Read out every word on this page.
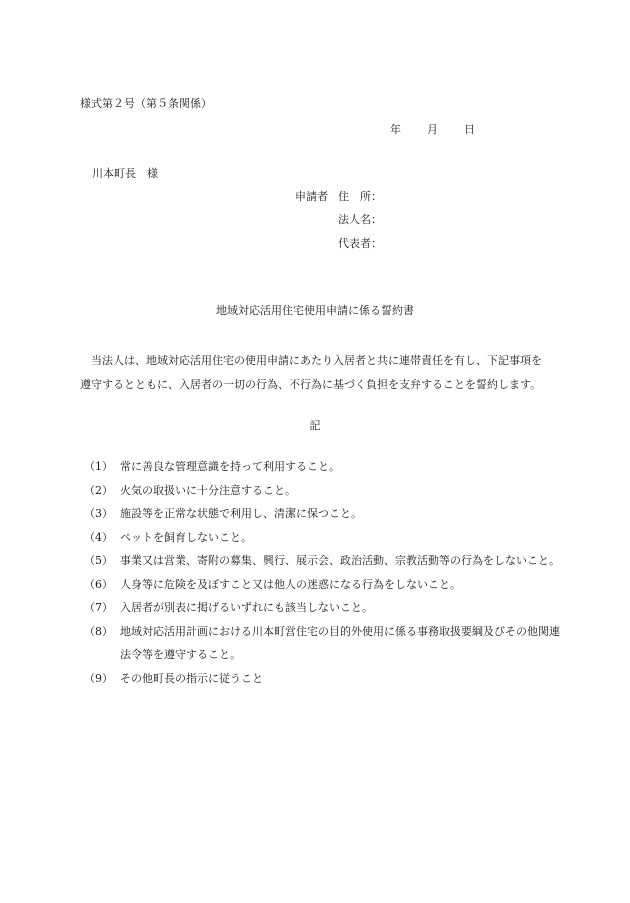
様式第２号（第５条関係）
年 月 日
川本町長　様
申請者 住　所：
法人名：
代表者：
地域対応活用住宅使用申請に係る誓約書
当法人は、地域対応活用住宅の使用申請にあたり入居者と共に連帯責任を有し、下記事項を遵守するとともに、入居者の一切の行為、不行為に基づく負担を支弁することを誓約します。
記
（1） 常に善良な管理意識を持って利用すること。
（2） 火気の取扱いに十分注意すること。
（3） 施設等を正常な状態で利用し、清潔に保つこと。
（4） ペットを飼育しないこと。
（5） 事業又は営業、寄附の募集、興行、展示会、政治活動、宗教活動等の行為をしないこと。
（6） 人身等に危険を及ぼすこと又は他人の迷惑になる行為をしないこと。
（7） 入居者が別表に掲げるいずれにも該当しないこと。
（8） 地域対応活用計画における川本町営住宅の目的外使用に係る事務取扱要綱及びその他関連
法令等を遵守すること。
（9） その他町長の指示に従うこと
